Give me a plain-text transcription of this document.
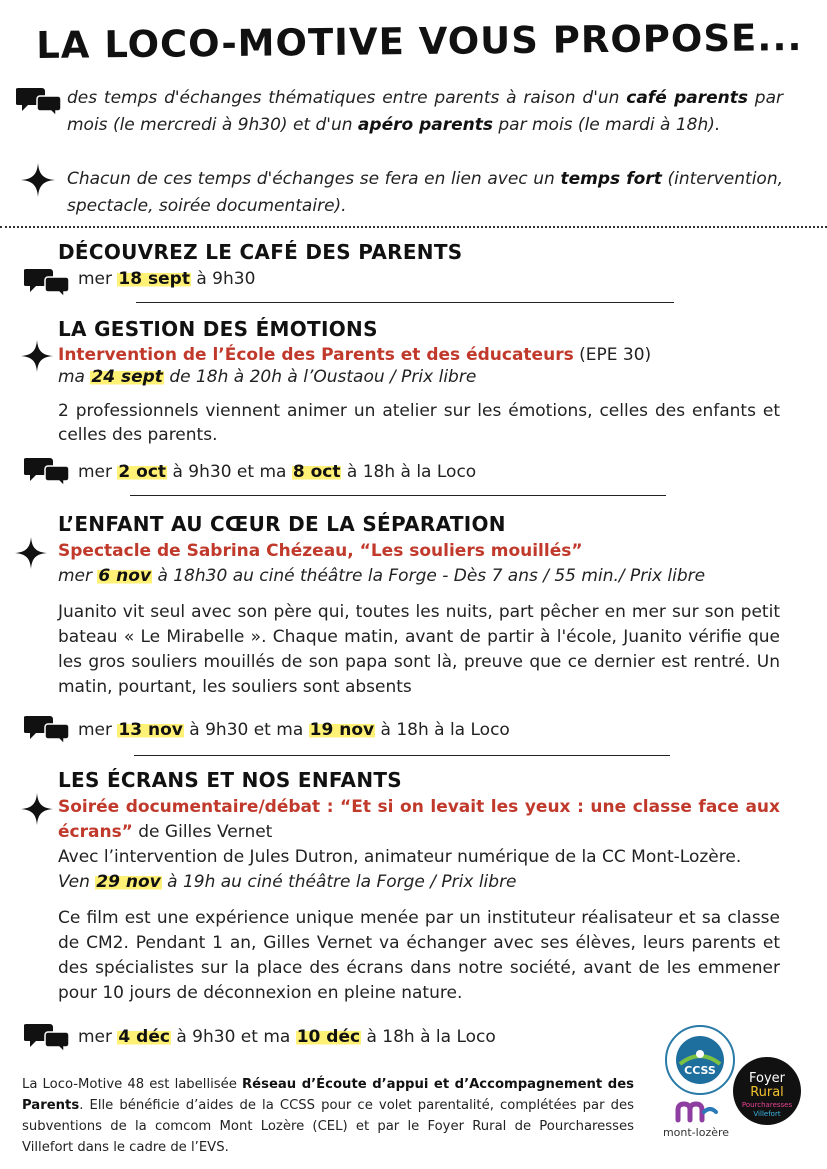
LA LOCO-MOTIVE VOUS PROPOSE...
des temps d'échanges thématiques entre parents à raison d'un café parents par mois (le mercredi à 9h30) et d'un apéro parents par mois (le mardi à 18h).
Chacun de ces temps d'échanges se fera en lien avec un temps fort (intervention, spectacle, soirée documentaire).
DÉCOUVREZ LE CAFÉ DES PARENTS
mer 18 sept à 9h30
LA GESTION DES ÉMOTIONS
Intervention de l’École des Parents et des éducateurs (EPE 30)
ma 24 sept de 18h à 20h à l’Oustaou / Prix libre
2 professionnels viennent animer un atelier sur les émotions, celles des enfants et celles des parents.
mer 2 oct à 9h30 et ma 8 oct à 18h à la Loco
L’ENFANT AU CŒUR DE LA SÉPARATION
Spectacle de Sabrina Chézeau, “Les souliers mouillés”
mer 6 nov à 18h30 au ciné théâtre la Forge - Dès 7 ans / 55 min./ Prix libre
Juanito vit seul avec son père qui, toutes les nuits, part pêcher en mer sur son petit bateau « Le Mirabelle ». Chaque matin, avant de partir à l'école, Juanito vérifie que les gros souliers mouillés de son papa sont là, preuve que ce dernier est rentré. Un matin, pourtant, les souliers sont absents
mer 13 nov à 9h30 et ma 19 nov à 18h à la Loco
LES ÉCRANS ET NOS ENFANTS
Soirée documentaire/débat : “Et si on levait les yeux : une classe face aux écrans” de Gilles Vernet
Avec l’intervention de Jules Dutron, animateur numérique de la CC Mont-Lozère.
Ven 29 nov à 19h au ciné théâtre la Forge / Prix libre
Ce film est une expérience unique menée par un instituteur réalisateur et sa classe de CM2. Pendant 1 an, Gilles Vernet va échanger avec ses élèves, leurs parents et des spécialistes sur la place des écrans dans notre société, avant de les emmener pour 10 jours de déconnexion en pleine nature.
mer 4 déc à 9h30 et ma 10 déc à 18h à la Loco
La Loco-Motive 48 est labellisée Réseau d’Écoute d’appui et d’Accompagnement des Parents. Elle bénéficie d’aides de la CCSS pour ce volet parentalité, complétées par des subventions de la comcom Mont Lozère (CEL) et par le Foyer Rural de Pourcharesses Villefort dans le cadre de l’EVS.
CCSS
Foyer
Rural
Pourcharesses
Villefort
mont-lozère
